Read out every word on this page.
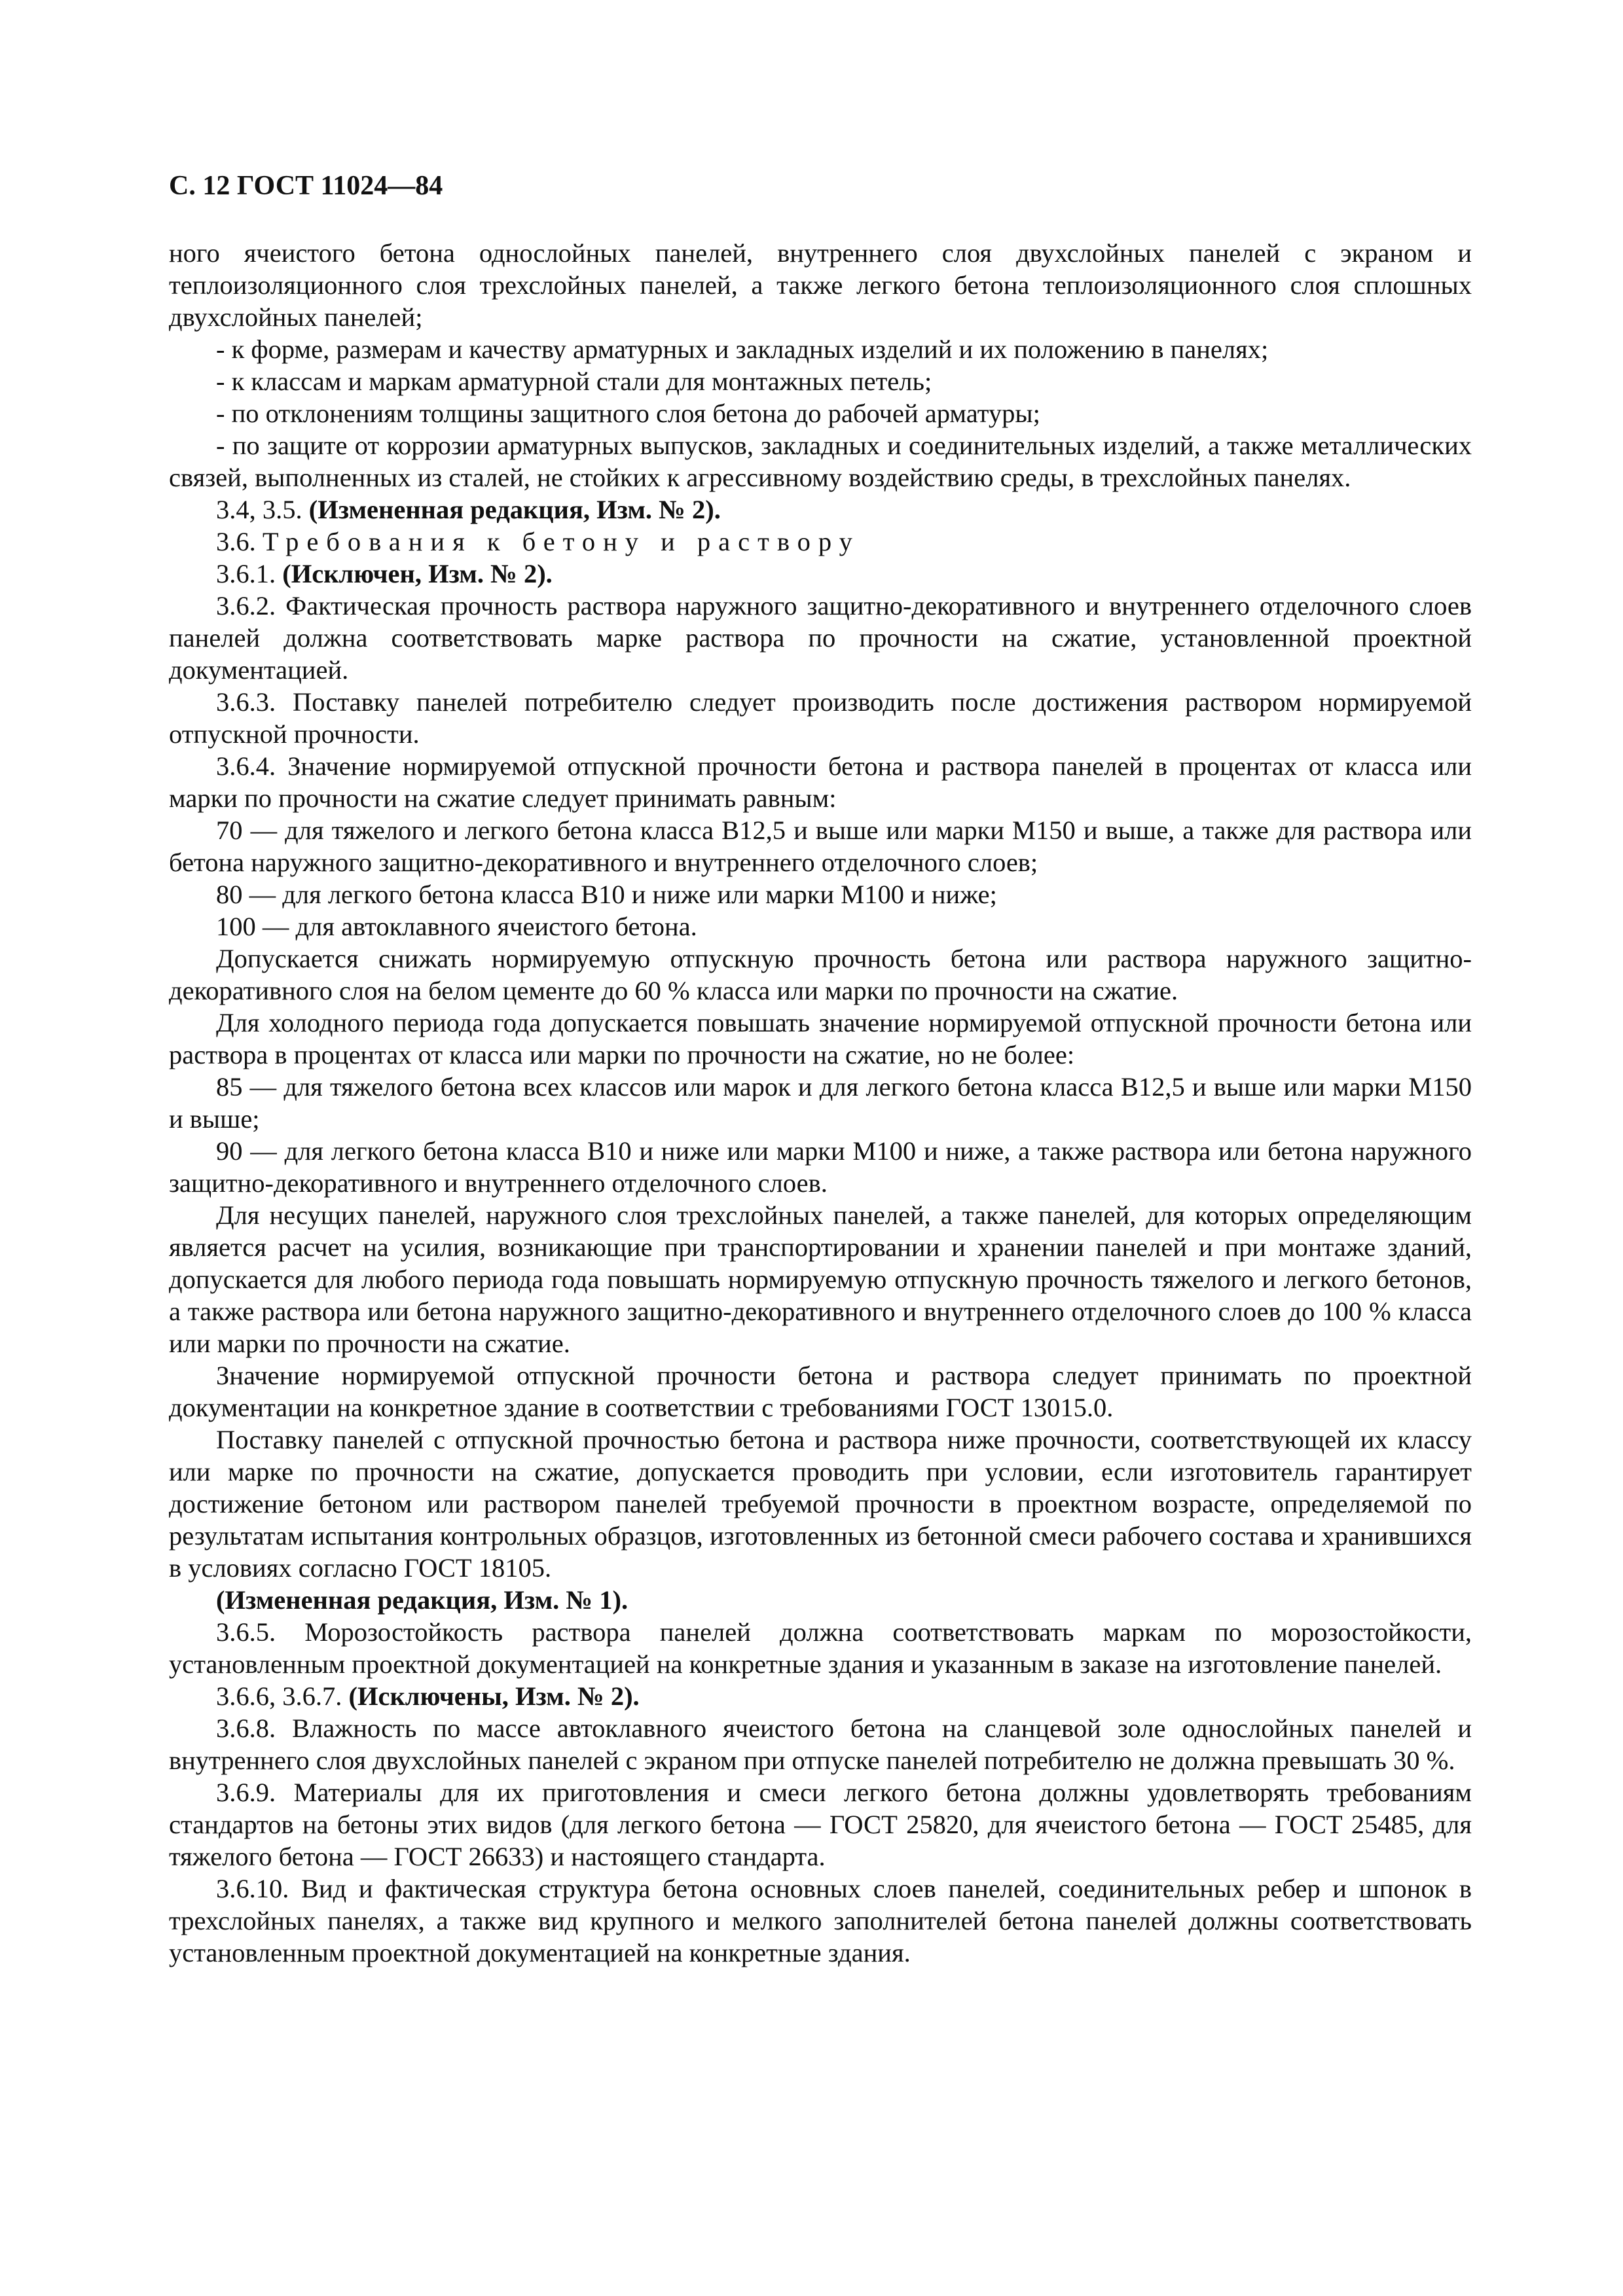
С. 12 ГОСТ 11024—84
ного ячеистого бетона однослойных панелей, внутреннего слоя двухслойных панелей с экраном и теплоизоляционного слоя трехслойных панелей, а также легкого бетона теплоизоляционного слоя сплошных двухслойных панелей;
- к форме, размерам и качеству арматурных и закладных изделий и их положению в панелях;
- к классам и маркам арматурной стали для монтажных петель;
- по отклонениям толщины защитного слоя бетона до рабочей арматуры;
- по защите от коррозии арматурных выпусков, закладных и соединительных изделий, а также металлических связей, выполненных из сталей, не стойких к агрессивному воздействию среды, в трехслойных панелях.
3.4, 3.5. (Измененная редакция, Изм. № 2).
3.6. Требования к бетону и раствору
3.6.1. (Исключен, Изм. № 2).
3.6.2. Фактическая прочность раствора наружного защитно-декоративного и внутреннего отделочного слоев панелей должна соответствовать марке раствора по прочности на сжатие, установленной проектной документацией.
3.6.3. Поставку панелей потребителю следует производить после достижения раствором нормируемой отпускной прочности.
3.6.4. Значение нормируемой отпускной прочности бетона и раствора панелей в процентах от класса или марки по прочности на сжатие следует принимать равным:
70 — для тяжелого и легкого бетона класса В12,5 и выше или марки М150 и выше, а также для раствора или бетона наружного защитно-декоративного и внутреннего отделочного слоев;
80 — для легкого бетона класса В10 и ниже или марки М100 и ниже;
100 — для автоклавного ячеистого бетона.
Допускается снижать нормируемую отпускную прочность бетона или раствора наружного защитно-декоративного слоя на белом цементе до 60 % класса или марки по прочности на сжатие.
Для холодного периода года допускается повышать значение нормируемой отпускной прочности бетона или раствора в процентах от класса или марки по прочности на сжатие, но не более:
85 — для тяжелого бетона всех классов или марок и для легкого бетона класса В12,5 и выше или марки М150 и выше;
90 — для легкого бетона класса В10 и ниже или марки М100 и ниже, а также раствора или бетона наружного защитно-декоративного и внутреннего отделочного слоев.
Для несущих панелей, наружного слоя трехслойных панелей, а также панелей, для которых определяющим является расчет на усилия, возникающие при транспортировании и хранении панелей и при монтаже зданий, допускается для любого периода года повышать нормируемую отпускную прочность тяжелого и легкого бетонов, а также раствора или бетона наружного защитно-декоративного и внутреннего отделочного слоев до 100 % класса или марки по прочности на сжатие.
Значение нормируемой отпускной прочности бетона и раствора следует принимать по проектной документации на конкретное здание в соответствии с требованиями ГОСТ 13015.0.
Поставку панелей с отпускной прочностью бетона и раствора ниже прочности, соответствующей их классу или марке по прочности на сжатие, допускается проводить при условии, если изготовитель гарантирует достижение бетоном или раствором панелей требуемой прочности в проектном возрасте, определяемой по результатам испытания контрольных образцов, изготовленных из бетонной смеси рабочего состава и хранившихся в условиях согласно ГОСТ 18105.
(Измененная редакция, Изм. № 1).
3.6.5. Морозостойкость раствора панелей должна соответствовать маркам по морозостойкости, установленным проектной документацией на конкретные здания и указанным в заказе на изготовление панелей.
3.6.6, 3.6.7. (Исключены, Изм. № 2).
3.6.8. Влажность по массе автоклавного ячеистого бетона на сланцевой золе однослойных панелей и внутреннего слоя двухслойных панелей с экраном при отпуске панелей потребителю не должна превышать 30 %.
3.6.9. Материалы для их приготовления и смеси легкого бетона должны удовлетворять требованиям стандартов на бетоны этих видов (для легкого бетона — ГОСТ 25820, для ячеистого бетона — ГОСТ 25485, для тяжелого бетона — ГОСТ 26633) и настоящего стандарта.
3.6.10. Вид и фактическая структура бетона основных слоев панелей, соединительных ребер и шпонок в трехслойных панелях, а также вид крупного и мелкого заполнителей бетона панелей должны соответствовать установленным проектной документацией на конкретные здания.
